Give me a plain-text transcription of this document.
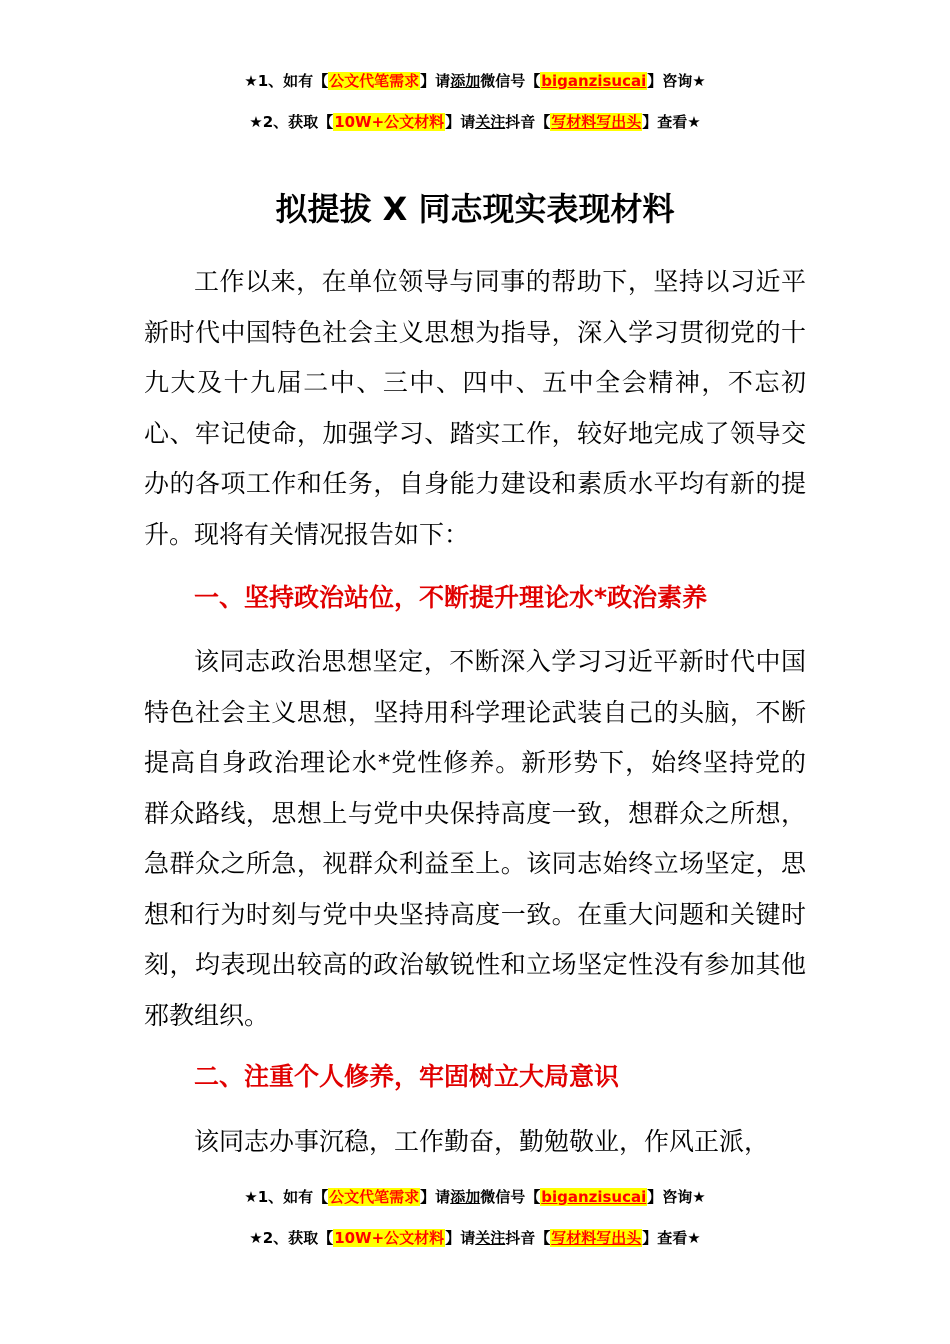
★1、如有【公文代笔需求】请添加微信号【biganzisucai】咨询★
★2、获取【10W+公文材料】请关注抖音【写材料写出头】查看★
拟提拔 X 同志现实表现材料

工作以来，在单位领导与同事的帮助下，坚持以习近平新时代中国特色社会主义思想为指导，深入学习贯彻党的十九大及十九届二中、三中、四中、五中全会精神，不忘初心、牢记使命，加强学习、踏实工作，较好地完成了领导交办的各项工作和任务，自身能力建设和素质水平均有新的提升。现将有关情况报告如下：

一、坚持政治站位，不断提升理论水*政治素养

该同志政治思想坚定，不断深入学习习近平新时代中国特色社会主义思想，坚持用科学理论武装自己的头脑，不断提高自身政治理论水*党性修养。新形势下，始终坚持党的群众路线，思想上与党中央保持高度一致，想群众之所想，急群众之所急，视群众利益至上。该同志始终立场坚定，思想和行为时刻与党中央坚持高度一致。在重大问题和关键时刻，均表现出较高的政治敏锐性和立场坚定性没有参加其他邪教组织。

二、注重个人修养，牢固树立大局意识

该同志办事沉稳，工作勤奋，勤勉敬业，作风正派，

★1、如有【公文代笔需求】请添加微信号【biganzisucai】咨询★
★2、获取【10W+公文材料】请关注抖音【写材料写出头】查看★
